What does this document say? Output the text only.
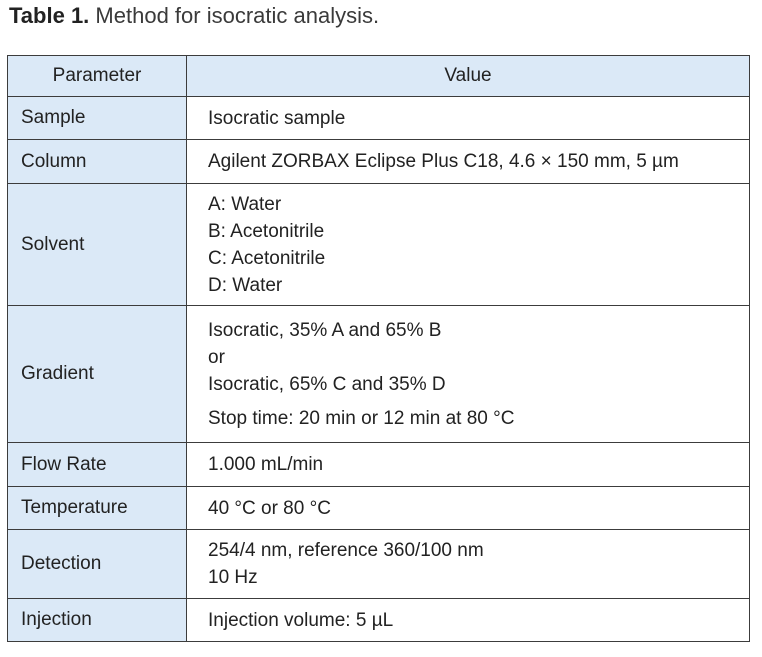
Table 1. Method for isocratic analysis.
Parameter	Value
Sample	Isocratic sample

Column	Agilent ZORBAX Eclipse Plus C18, 4.6 × 150 mm, 5 µm

Solvent	A: Water
B: Acetonitrile
C: Acetonitrile
D: Water

Gradient	Isocratic, 35% A and 65% B
or
Isocratic, 65% C and 35% D
Stop time: 20 min or 12 min at 80 °C

Flow Rate	1.000 mL/min

Temperature	40 °C or 80 °C

Detection	254/4 nm, reference 360/100 nm
10 Hz

Injection	Injection volume: 5 µL
